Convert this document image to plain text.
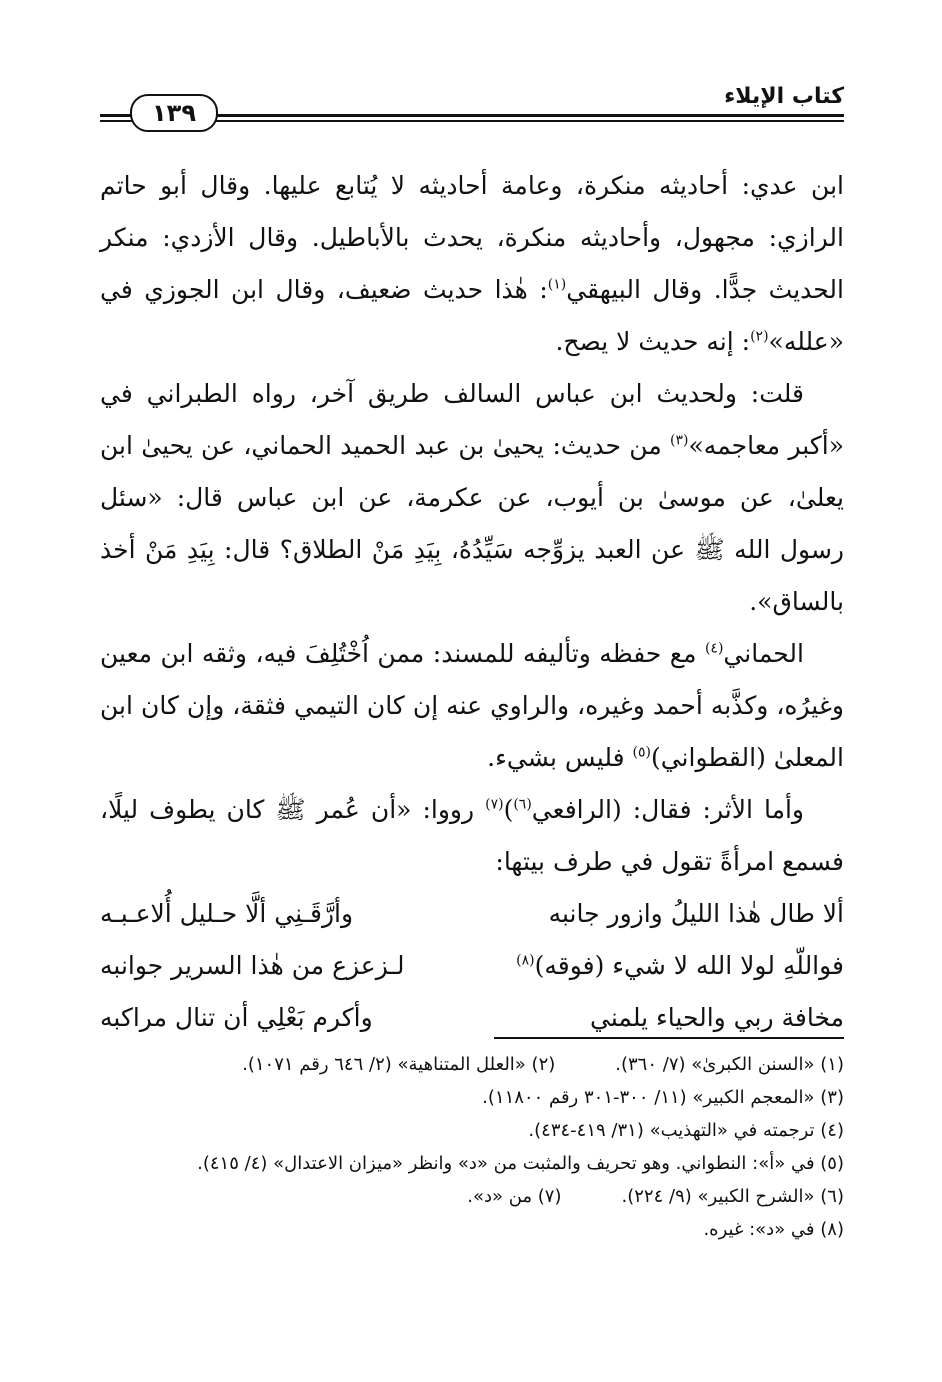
كتاب الإيلاء
١٣٩

ابن عدي: أحاديثه منكرة، وعامة أحاديثه لا يُتابع عليها. وقال أبو حاتم الرازي: مجهول، وأحاديثه منكرة، يحدث بالأباطيل. وقال الأزدي: منكر الحديث جدًّا. وقال البيهقي$^{(١)}$: هٰذا حديث ضعيف، وقال ابن الجوزي في «علله»$^{(٢)}$: إنه حديث لا يصح.

قلت: ولحديث ابن عباس السالف طريق آخر، رواه الطبراني في «أكبر معاجمه»$^{(٣)}$ من حديث: يحيىٰ بن عبد الحميد الحماني، عن يحيىٰ ابن يعلىٰ، عن موسىٰ بن أيوب، عن عكرمة، عن ابن عباس قال: «سئل رسول الله ﷺ عن العبد يزوِّجه سَيِّدُهُ، بِيَدِ مَنْ الطلاق؟ قال: بِيَدِ مَنْ أخذ بالساق».

الحماني$^{(٤)}$ مع حفظه وتأليفه للمسند: ممن اُخْتُلِفَ فيه، وثقه ابن معين وغيرُه، وكذَّبه أحمد وغيره، والراوي عنه إن كان التيمي فثقة، وإن كان ابن المعلىٰ (القطواني)$^{(٥)}$ فليس بشيء.

وأما الأثر: فقال: (الرافعي$^{(٦)}$)$^{(٧)}$ رووا: «أن عُمر ﷺ كان يطوف ليلًا، فسمع امرأةً تقول في طرف بيتها:

ألا طال هٰذا الليلُ وازور جانبه
وأرَّقَـنِي ألَّا حـليل أُلاعـبـه
فواللّهِ لولا الله لا شيء (فوقه)$^{(٨)}$
لـزعزع من هٰذا السرير جوانبه
مخافة ربي والحياء يلمني
وأكرم بَعْلِي أن تنال مراكبه
(١) «السنن الكبرىٰ» (٧/ ٣٦٠).
(٢) «العلل المتناهية» (٢/ ٦٤٦ رقم ١٠٧١).
(٣) «المعجم الكبير» (١١/ ٣٠٠-٣٠١ رقم ١١٨٠٠).
(٤) ترجمته في «التهذيب» (٣١/ ٤١٩-٤٣٤).
(٥) في «أ»: النطواني. وهو تحريف والمثبت من «د» وانظر «ميزان الاعتدال» (٤/ ٤١٥).
(٦) «الشرح الكبير» (٩/ ٢٢٤).
(٧) من «د».
(٨) في «د»: غيره.
